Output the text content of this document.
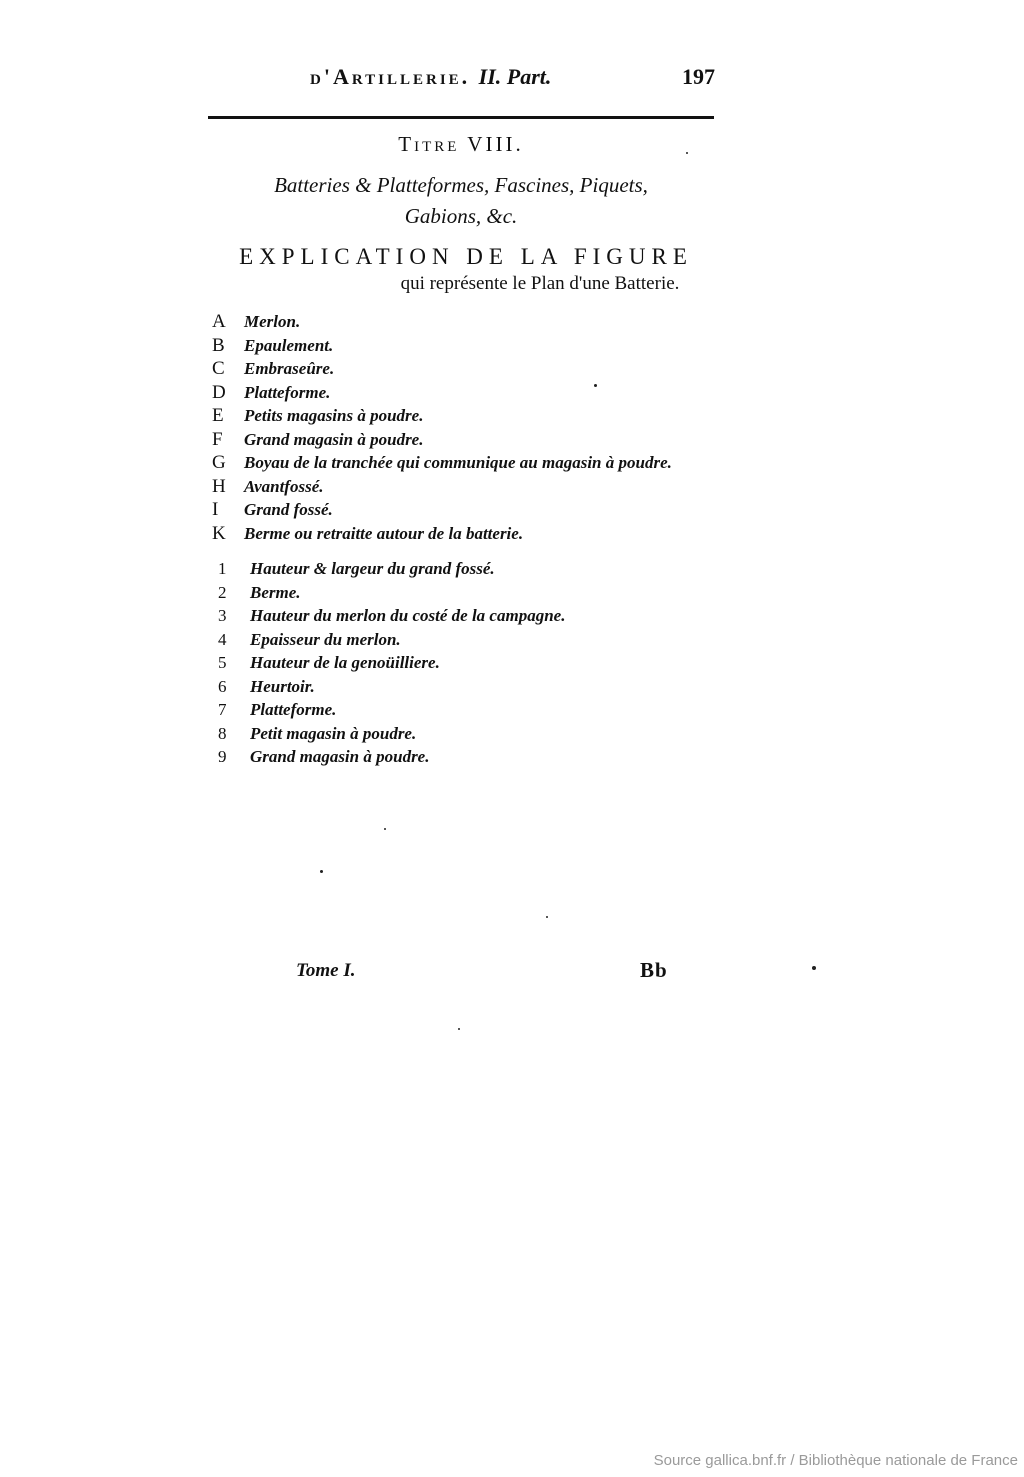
d'Artillerie. II. Part.	197
Titre VIII.
Batteries & Platteformes, Fascines, Piquets,
Gabions, &c.
EXPLICATION DE LA FIGURE
qui représente le Plan d'une Batterie.
A Merlon.
B Epaulement.
C Embraseûre.
D Platteforme.
E Petits magasins à poudre.
F Grand magasin à poudre.
G Boyau de la tranchée qui communique au magasin à poudre.
H Avantfossé.
I Grand fossé.
K Berme ou retraitte autour de la batterie.
1 Hauteur & largeur du grand fossé.
2 Berme.
3 Hauteur du merlon du costé de la campagne.
4 Epaisseur du merlon.
5 Hauteur de la genoüilliere.
6 Heurtoir.
7 Platteforme.
8 Petit magasin à poudre.
9 Grand magasin à poudre.
Tome I.	Bb
Source gallica.bnf.fr / Bibliothèque nationale de France
